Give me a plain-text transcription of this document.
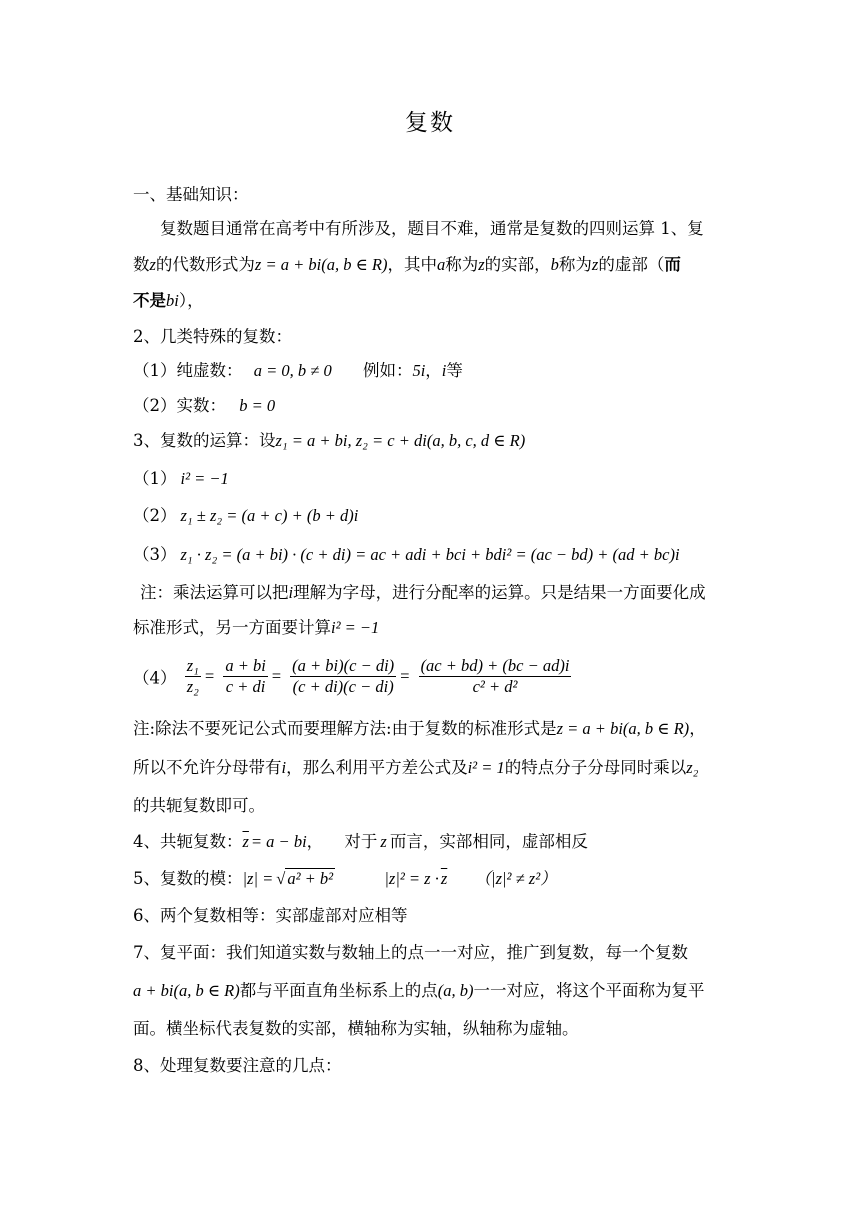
复数
一、基础知识：
复数题目通常在高考中有所涉及，题目不难，通常是复数的四则运算 1、复
数z的代数形式为z = a + bi(a, b ∈ R)，其中a称为z的实部，b称为z的虚部（而
不是bi），
2、几类特殊的复数：
（1）纯虚数： a = 0, b ≠ 0 例如：5i，i等
（2）实数： b = 0
3、复数的运算：设z₁ = a + bi, z₂ = c + di(a, b, c, d ∈ R)
（1） i² = −1
（2） z₁ ± z₂ = (a + c) + (b + d)i
（3） z₁ · z₂ = (a + bi) · (c + di) = ac + adi + bci + bdi² = (ac − bd) + (ad + bc)i
注：乘法运算可以把i理解为字母，进行分配率的运算。只是结果一方面要化成
标准形式，另一方面要计算i² = −1
$(4) \frac{\text{z₁}}{\text{z₂}} = \frac{a + bi}{c + di} = \frac{(a + bi)(c - di)}{(c + di)(c - di)} = \frac{(ac + bd) + (bc - ad)i}{\text{c² + d²}}$
注:除法不要死记公式而要理解方法:由于复数的标准形式是z = a + bi(a, b ∈ R)，
所以不允许分母带有i，那么利用平方差公式及i² = 1的特点分子分母同时乘以z₂
的共轭复数即可。
4、共轭复数：$\overline{z} = a$ − bi， 对于 z 而言，实部相同，虚部相反
5、复数的模：|z| = √ a² + b²	$|z|^2 = z \cdot \overline{z}$ （|z|² ≠ z²）
6、两个复数相等：实部虚部对应相等
7、复平面：我们知道实数与数轴上的点一一对应，推广到复数，每一个复数
a + bi(a, b ∈ R)都与平面直角坐标系上的点(a, b)一一对应，将这个平面称为复平
面。横坐标代表复数的实部，横轴称为实轴，纵轴称为虚轴。
8、处理复数要注意的几点：
